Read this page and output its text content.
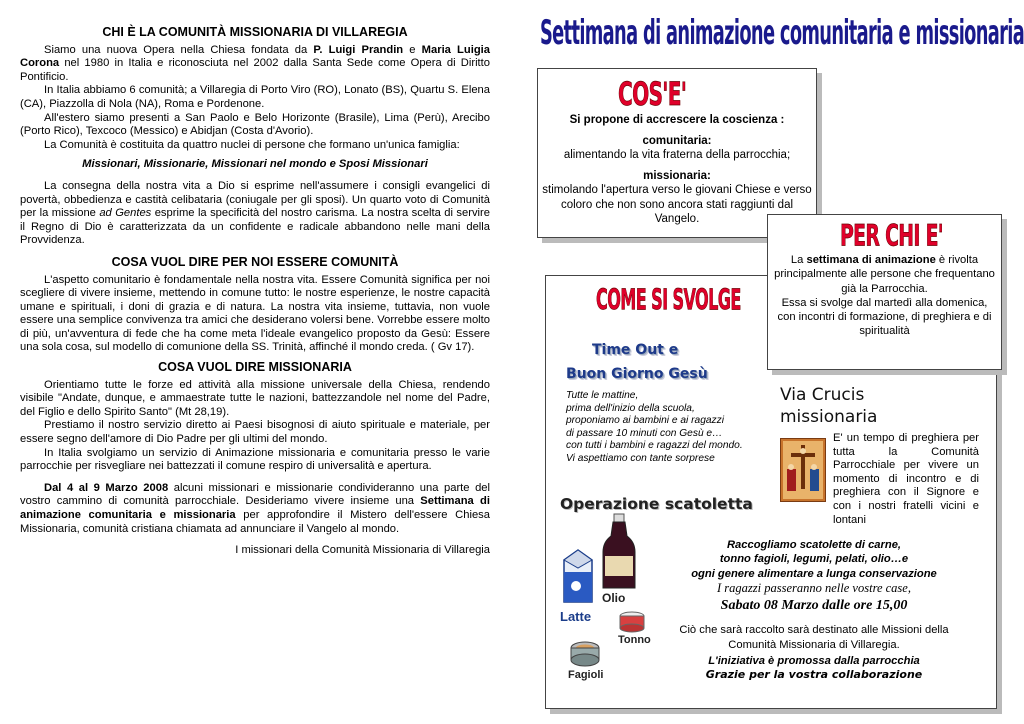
CHI È LA COMUNITÀ MISSIONARIA DI VILLAREGIA

Siamo una nuova Opera nella Chiesa fondata da P. Luigi Prandin e Maria Luigia Corona nel 1980 in Italia e riconosciuta nel 2002 dalla Santa Sede come Opera di Diritto Pontificio.

In Italia abbiamo 6 comunità; a Villaregia di Porto Viro (RO), Lonato (BS), Quartu S. Elena (CA), Piazzolla di Nola (NA), Roma e Pordenone.

All'estero siamo presenti a San Paolo e Belo Horizonte (Brasile), Lima (Perù), Arecibo (Porto Rico), Texcoco (Messico) e Abidjan (Costa d'Avorio).

La Comunità è costituita da quattro nuclei di persone che formano un'unica famiglia:

Missionari, Missionarie, Missionari nel mondo e Sposi Missionari

La consegna della nostra vita a Dio si esprime nell'assumere i consigli evangelici di povertà, obbedienza e castità celibataria (coniugale per gli sposi). Un quarto voto di Comunità per la missione ad Gentes esprime la specificità del nostro carisma. La nostra scelta di servire il Regno di Dio è caratterizzata da un confidente e radicale abbandono nelle mani della Provvidenza.

COSA VUOL DIRE PER NOI ESSERE COMUNITÀ

L'aspetto comunitario è fondamentale nella nostra vita. Essere Comunità significa per noi scegliere di vivere insieme, mettendo in comune tutto: le nostre esperienze, le nostre capacità umane e spirituali, i doni di grazia e di natura. La nostra vita insieme, tuttavia, non vuole essere una semplice convivenza tra amici che desiderano volersi bene. Vorrebbe essere molto di più, un'avventura di fede che ha come meta l'ideale evangelico proposto da Gesù: Essere una sola cosa, sul modello di comunione della SS. Trinità, affinché il mondo creda. ( Gv 17).

COSA VUOL DIRE MISSIONARIA

Orientiamo tutte le forze ed attività alla missione universale della Chiesa, rendendo visibile "Andate, dunque, e ammaestrate tutte le nazioni, battezzandole nel nome del Padre, del Figlio e dello Spirito Santo" (Mt 28,19).

Prestiamo il nostro servizio diretto ai Paesi bisognosi di aiuto spirituale e materiale, per essere segno dell'amore di Dio Padre per gli ultimi del mondo.

In Italia svolgiamo un servizio di Animazione missionaria e comunitaria presso le varie parrocchie per risvegliare nei battezzati il comune respiro di universalità e apertura.

Dal 4 al 9 Marzo 2008 alcuni missionari e missionarie condivideranno una parte del vostro cammino di comunità parrocchiale. Desideriamo vivere insieme una Settimana di animazione comunitaria e missionaria per approfondire il Mistero dell'essere Chiesa Missionaria, comunità cristiana chiamata ad annunciare il Vangelo al mondo.

I missionari della Comunità Missionaria di Villaregia

Settimana di animazione comunitaria e missionaria
COS'E'
Si propone di accrescere la coscienza :
comunitaria:
alimentando la vita fraterna della parrocchia;
missionaria:
stimolando l'apertura verso le giovani Chiese e verso coloro che non sono ancora stati raggiunti dal Vangelo.
COME SI SVOLGE
Time Out e
Buon Giorno Gesù
Tutte le mattine,
prima dell'inizio della scuola,
proponiamo ai bambini e ai ragazzi
di passare 10 minuti con Gesù e…
con tutti i bambini e ragazzi del mondo.
Vi aspettiamo con tante sorprese
Via Crucis
missionaria
E' un tempo di preghiera per tutta la Comunità Parrocchiale per vivere un momento di incontro e di preghiera con il Signore e con i nostri fratelli vicini e lontani
Operazione scatoletta
Latte
Olio
Tonno
Fagioli
Raccogliamo scatolette di carne,
tonno fagioli, legumi, pelati, olio…e
ogni genere alimentare a lunga conservazione
I ragazzi passeranno nelle vostre case,
Sabato 08 Marzo dalle ore 15,00
Ciò che sarà raccolto sarà destinato alle Missioni della Comunità Missionaria di Villaregia.
L'iniziativa è promossa dalla parrocchia
Grazie per la vostra collaborazione
PER CHI E'
La settimana di animazione è rivolta principalmente alle persone che frequentano già la Parrocchia.
Essa si svolge dal martedì alla domenica, con incontri di formazione, di preghiera e di spiritualità
